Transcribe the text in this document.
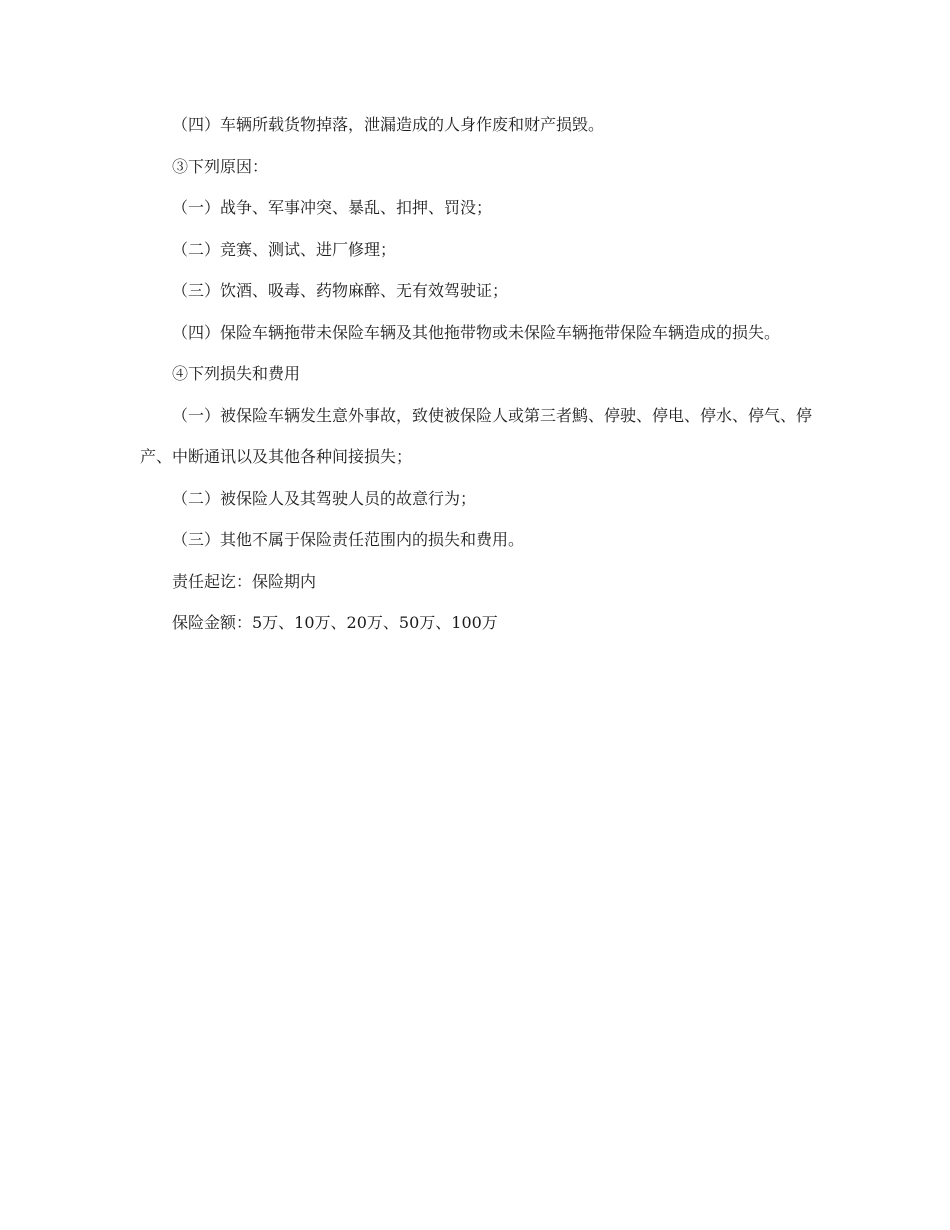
（四）车辆所载货物掉落，泄漏造成的人身作废和财产损毁。

③下列原因：

（一）战争、军事冲突、暴乱、扣押、罚没；

（二）竞赛、测试、进厂修理；

（三）饮酒、吸毒、药物麻醉、无有效驾驶证；

（四）保险车辆拖带未保险车辆及其他拖带物或未保险车辆拖带保险车辆造成的损失。

④下列损失和费用

（一）被保险车辆发生意外事故，致使被保险人或第三者鹪、停驶、停电、停水、停气、停产、中断通讯以及其他各种间接损失；

（二）被保险人及其驾驶人员的故意行为；

（三）其他不属于保险责任范围内的损失和费用。

责任起讫：保险期内

保险金额：5万、10万、20万、50万、100万
